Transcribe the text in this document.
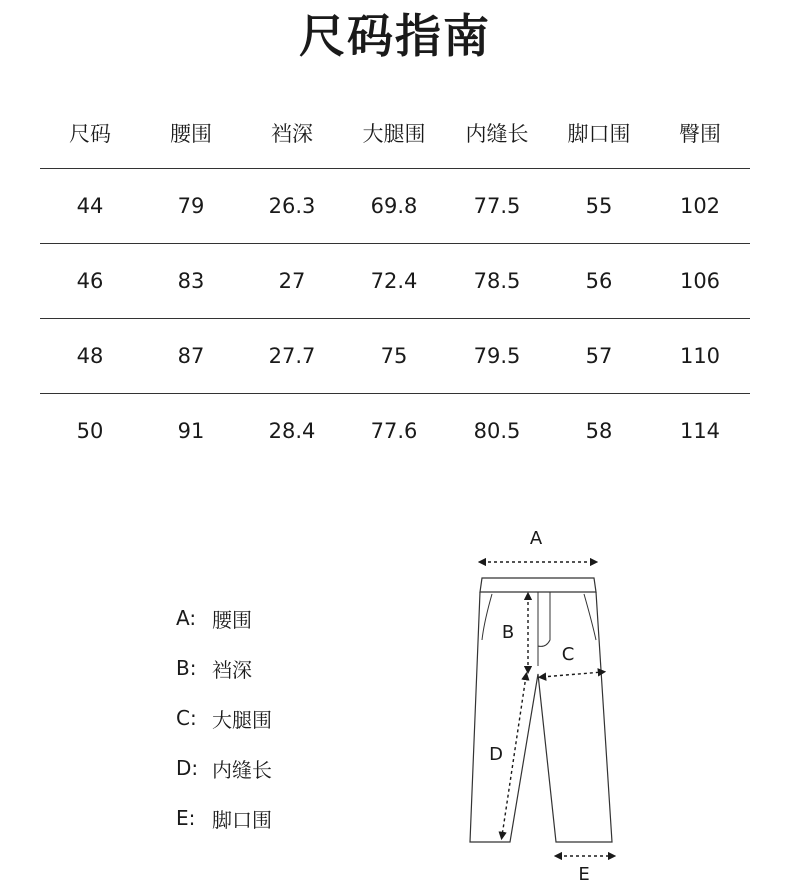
尺码指南
尺码	腰围	裆深	大腿围	内缝长	脚口围	臀围
44	79	26.3	69.8	77.5	55	102
46	83	27	72.4	78.5	56	106
48	87	27.7	75	79.5	57	110
50	91	28.4	77.6	80.5	58	114
A: 腰围
B: 裆深
C: 大腿围
D: 内缝长
E: 脚口围
A
B
C
D
E
